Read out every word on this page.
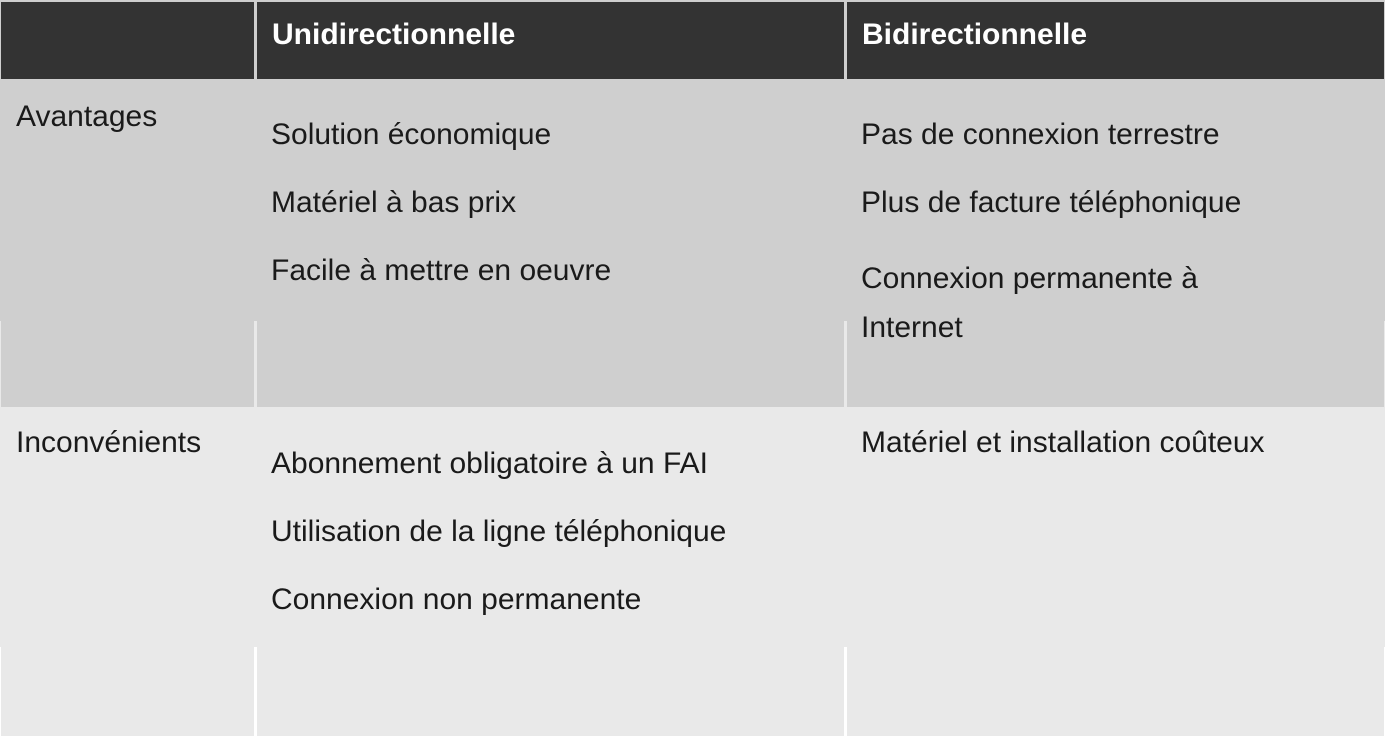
Unidirectionnelle	Bidirectionnelle
Avantages
Solution économique
Matériel à bas prix
Facile à mettre en oeuvre
Pas de connexion terrestre
Plus de facture téléphonique
Connexion permanente à Internet
Inconvénients
Abonnement obligatoire à un FAI
Utilisation de la ligne téléphonique
Connexion non permanente
Matériel et installation coûteux
